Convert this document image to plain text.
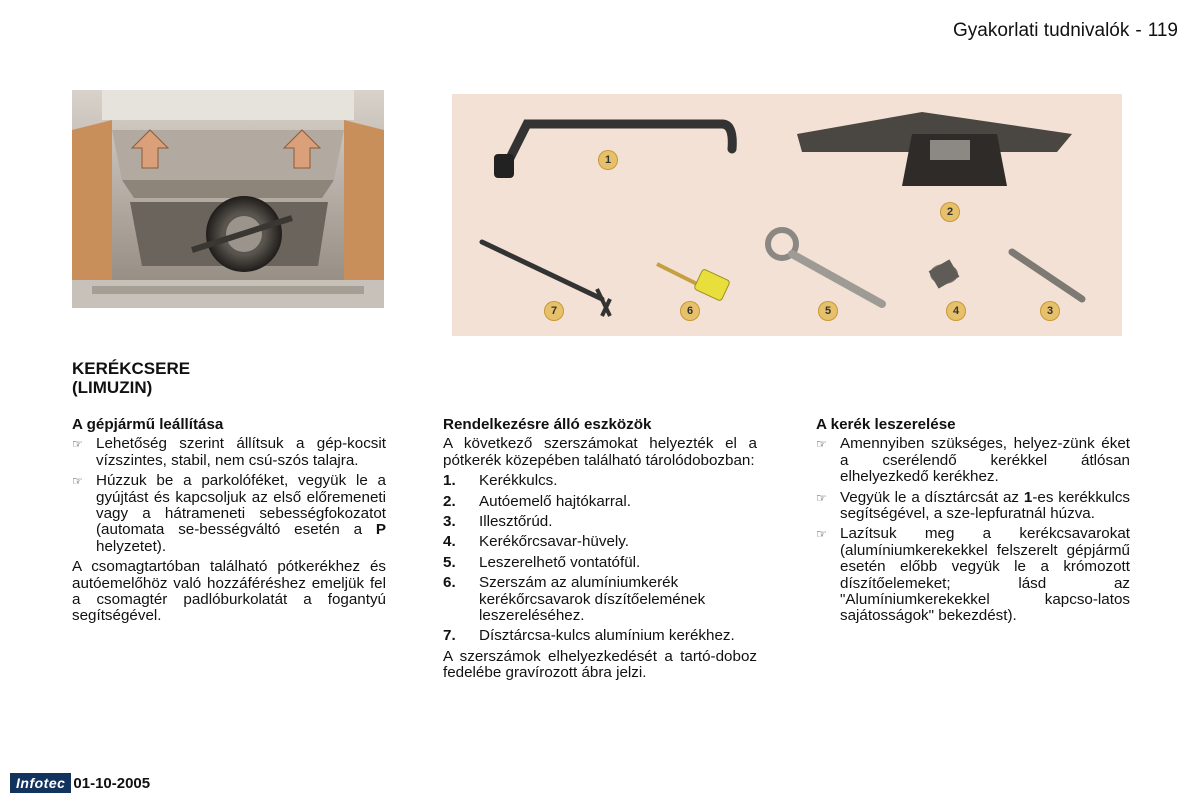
Gyakorlati tudnivalók - 119
1
2
3
4
5
6
7
KERÉKCSERE
(LIMUZIN)
A gépjármű leállítása
☞ Lehetőség szerint állítsuk a gép-kocsit vízszintes, stabil, nem csú-szós talajra.
☞ Húzzuk be a parkolóféket, vegyük le a gyújtást és kapcsoljuk az első előremeneti vagy a hátrameneti sebességfokozatot (automata se-bességváltó esetén a P helyzetet).
A csomagtartóban található pótkerékhez és autóemelőhöz való hozzáféréshez emeljük fel a csomagtér padlóburkolatát a fogantyú segítségével.
Rendelkezésre álló eszközök
A következő szerszámokat helyezték el a pótkerék közepében található tárolódobozban:
1. Kerékkulcs.
2. Autóemelő hajtókarral.
3. Illesztőrúd.
4. Kerékőrcsavar-hüvely.
5. Leszerelhető vontatófül.
6. Szerszám az alumíniumkerék kerékőrcsavarok díszítőelemének leszereléséhez.
7. Dísztárcsa-kulcs alumínium kerékhez.
A szerszámok elhelyezkedését a tartó-doboz fedelébe gravírozott ábra jelzi.
A kerék leszerelése
☞ Amennyiben szükséges, helyez-zünk éket a cserélendő kerékkel átlósan elhelyezkedő kerékhez.
☞ Vegyük le a dísztárcsát az 1-es kerékkulcs segítségével, a sze-lepfuratnál húzva.
☞ Lazítsuk meg a kerékcsavarokat (alumíniumkerekekkel felszerelt gépjármű esetén előbb vegyük le a krómozott díszítőelemeket; lásd az "Alumíniumkerekekkel kapcso-latos sajátosságok" bekezdést).
Infotec 01-10-2005
